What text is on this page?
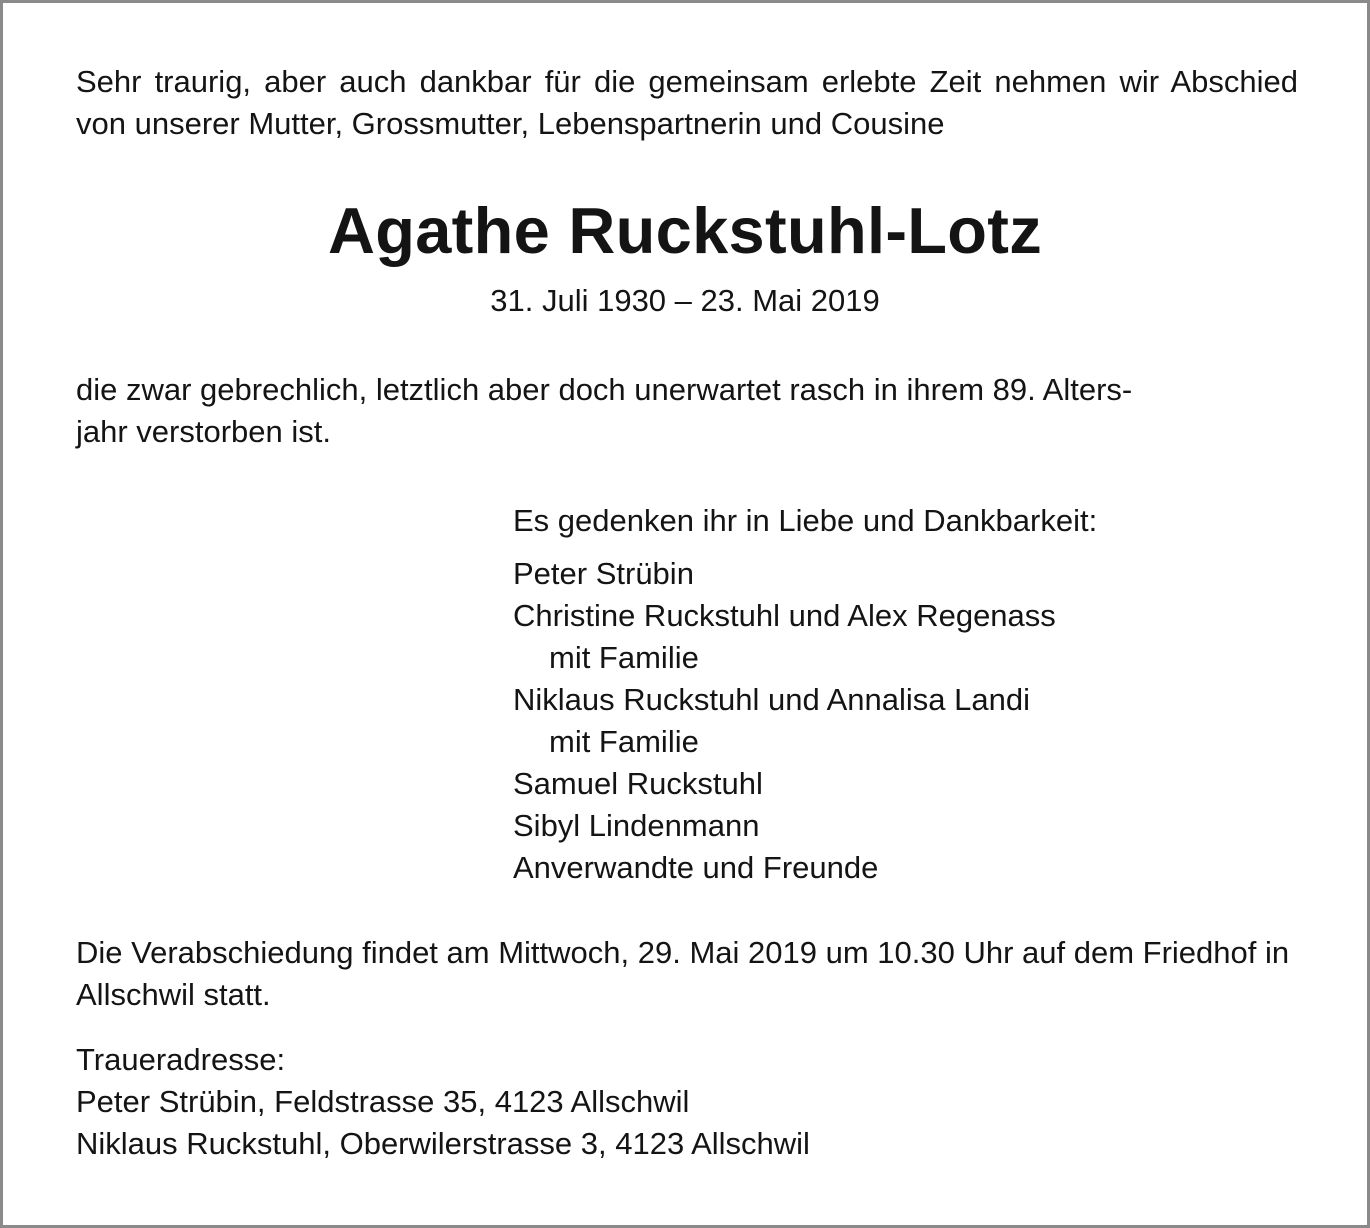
Sehr traurig, aber auch dankbar für die gemeinsam erlebte Zeit nehmen wir Abschied von unserer Mutter, Grossmutter, Lebenspartnerin und Cousine

Agathe Ruckstuhl-Lotz

31. Juli 1930 – 23. Mai 2019

die zwar gebrechlich, letztlich aber doch unerwartet rasch in ihrem 89. Alters-
jahr verstorben ist.

Es gedenken ihr in Liebe und Dankbarkeit:

Peter Strübin
Christine Ruckstuhl und Alex Regenass
mit Familie
Niklaus Ruckstuhl und Annalisa Landi
mit Familie
Samuel Ruckstuhl
Sibyl Lindenmann
Anverwandte und Freunde

Die Verabschiedung findet am Mittwoch, 29. Mai 2019 um 10.30 Uhr auf dem Friedhof in Allschwil statt.

Traueradresse:

Peter Strübin, Feldstrasse 35, 4123 Allschwil

Niklaus Ruckstuhl, Oberwilerstrasse 3, 4123 Allschwil
